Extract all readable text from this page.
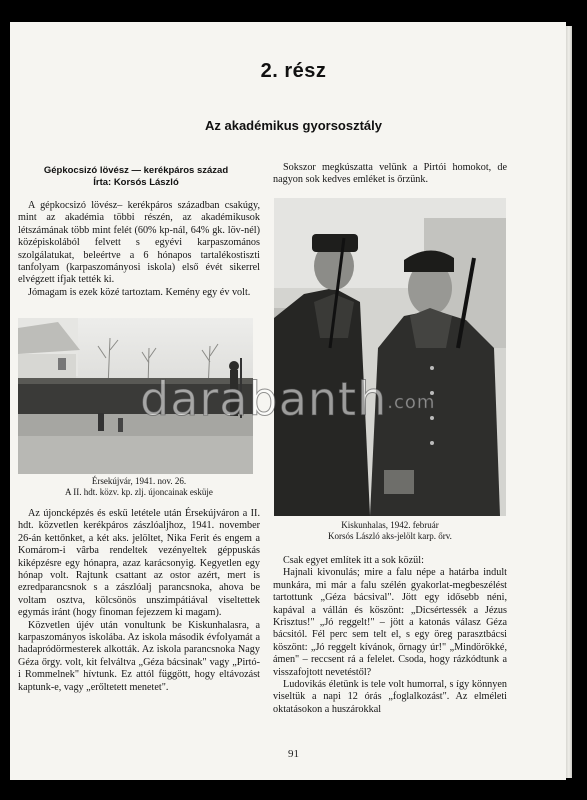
2. rész
Az akadémikus gyorsosztály
Gépkocsizó lövész — kerékpáros század
Írta: Korsós László

A gépkocsizó lövész– kerékpáros században csakúgy, mint az akadémia többi részén, az akadémikusok létszámának több mint felét (60% kp-nál, 64% gk. löv-nél) középiskolából felvett s egyévi karpaszomános szolgálatukat, beleértve a 6 hónapos tartalékostiszti tanfolyam (karpaszományosi iskola) első évét sikerrel elvégzett ifjak tették ki.

Jómagam is ezek közé tartoztam. Kemény egy év volt.

Érsekújvár, 1941. nov. 26.
A II. hdt. közv. kp. zlj. újoncainak esküje

Az újoncképzés és eskü letétele után Érsekújváron a II. hdt. közvetlen kerékpáros zászlóaljhoz, 1941. november 26-án kettőnket, a két aks. jelöltet, Nika Ferit és engem a Komárom-i vârba rendeltek vezényeltek géppuskás kiképzésre egy hónapra, azaz karácsonyig. Kegyetlen egy hónap volt. Rajtunk csattant az ostor azért, mert is ezredparancsnok s a zászlóalj parancsnoka, ahova be voltam osztva, kölcsönös unszimpátiával viseltettek egymás iránt (hogy finoman fejezzem ki magam).

Közvetlen újév után vonultunk be Kiskunhalasra, a karpaszományos iskolába. Az iskola második évfolyamát a hadapródörmesterek alkották. Az iskola parancsnoka Nagy Géza őrgy. volt, kit felváltva „Géza bácsinak" vagy „Pirtó-i Rommelnek" hívtunk. Ez attól függött, hogy eltávozást kaptunk-e, vagy „erőltetett menetet".

Sokszor megkúszatta velünk a Pirtói homokot, de nagyon sok kedves emléket is őrzünk.

Kiskunhalas, 1942. február
Korsós László aks-jelölt karp. őrv.

Csak egyet említek itt a sok közül:

Hajnali kivonulás; mire a falu népe a határba indult munkára, mi már a falu szélén gyakorlat-megbeszélést tartottunk „Géza bácsival". Jött egy idősebb néni, kapával a vállán és köszönt: „Dicsértessék a Jézus Krisztus!" „Jó reggelt!" – jött a katonás válasz Géza bácsitól. Fél perc sem telt el, s egy öreg parasztbácsi köszönt: „Jó reggelt kívánok, őrnagy úr!" „Mindörökké, ámen" – reccsent rá a felelet. Csoda, hogy rázkódtunk a visszafojtott nevetéstől?

Ludovikás életünk is tele volt humorral, s így könnyen viseltük a napi 12 órás „foglalkozást". Az elméleti oktatásokon a huszárokkal

91
darabanth.com
